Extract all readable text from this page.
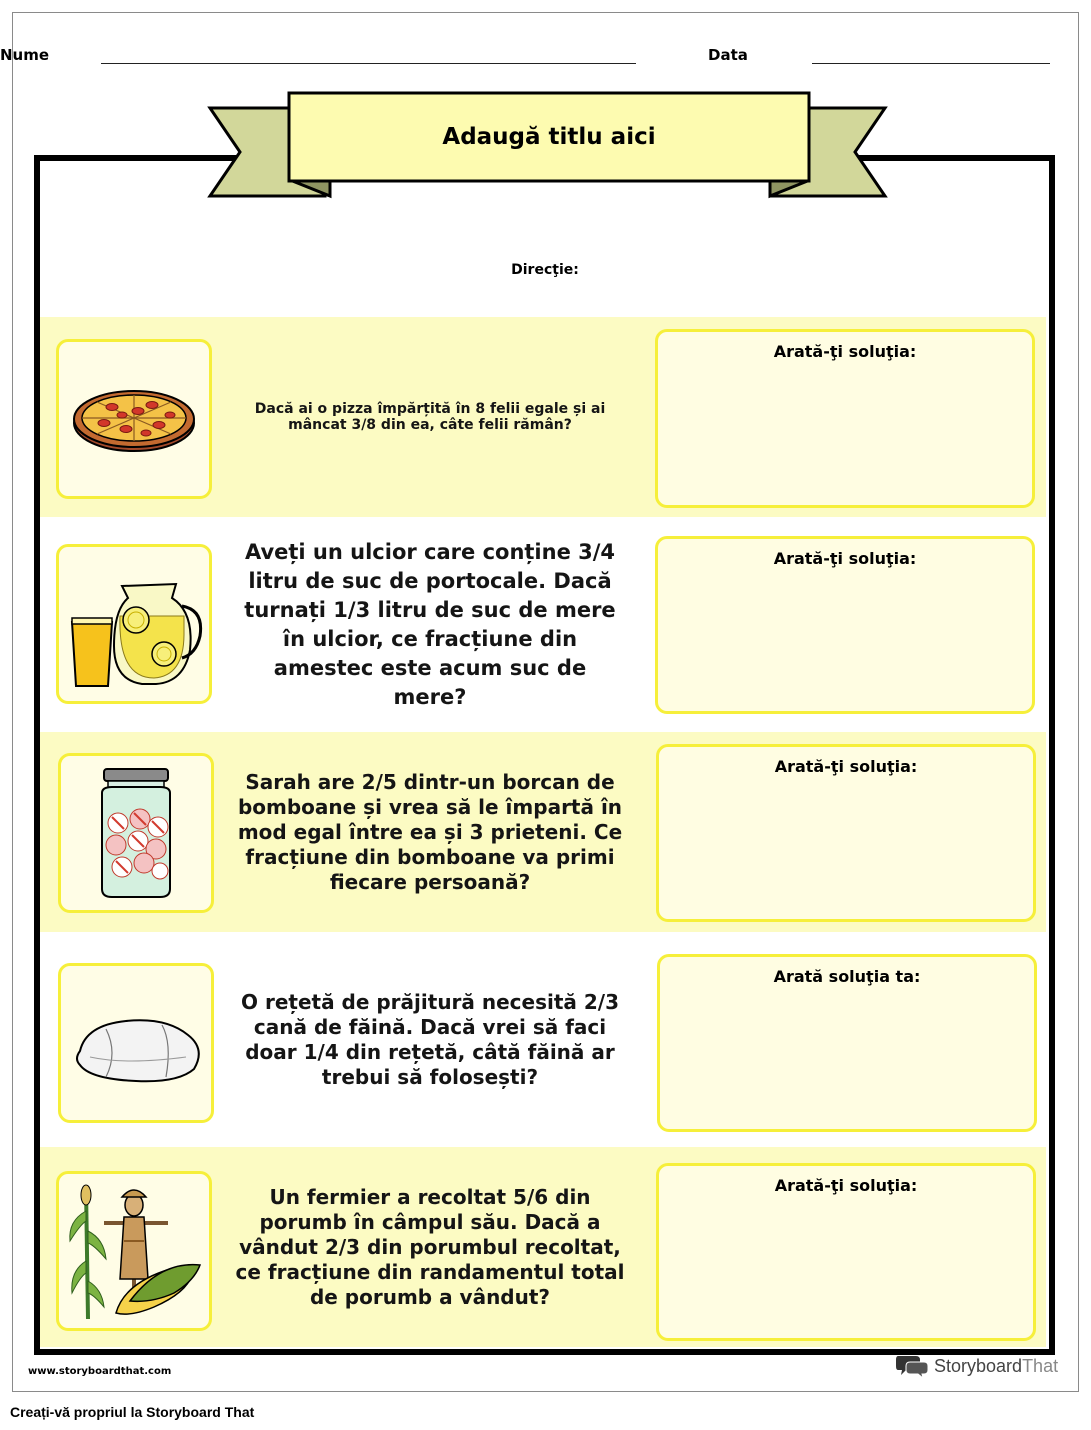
Nume	Data
Adaugă titlu aici
Direcţie:
Dacă ai o pizza împărțită în 8 felii egale și ai mâncat 3/8 din ea, câte felii rămân?
Arată-ţi soluţia:
Aveți un ulcior care conține 3/4 litru de suc de portocale. Dacă turnați 1/3 litru de suc de mere în ulcior, ce fracțiune din amestec este acum suc de mere?
Arată-ţi soluţia:
Sarah are 2/5 dintr-un borcan de bomboane și vrea să le împartă în mod egal între ea și 3 prieteni. Ce fracțiune din bomboane va primi fiecare persoană?
Arată-ţi soluţia:
O rețetă de prăjitură necesită 2/3 cană de făină. Dacă vrei să faci doar 1/4 din rețetă, câtă făină ar trebui să folosești?
Arată soluţia ta:
Un fermier a recoltat 5/6 din porumb în câmpul său. Dacă a vândut 2/3 din porumbul recoltat, ce fracțiune din randamentul total de porumb a vândut?
Arată-ţi soluţia:
www.storyboardthat.com	StoryboardThat
Creați-vă propriul la Storyboard That
